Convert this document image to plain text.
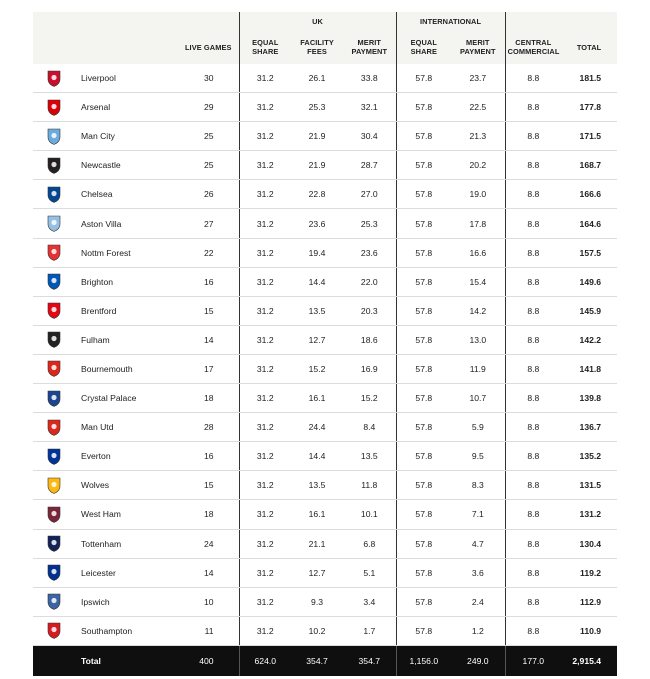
			UK			INTERNATIONAL			
		LIVE GAMES	EQUAL SHARE	FACILITY FEES	MERIT PAYMENT	EQUAL SHARE	MERIT PAYMENT	CENTRAL COMMERCIAL	TOTAL
	Liverpool	30	31.2	26.1	33.8	57.8	23.7	8.8	181.5
	Arsenal	29	31.2	25.3	32.1	57.8	22.5	8.8	177.8
	Man City	25	31.2	21.9	30.4	57.8	21.3	8.8	171.5
	Newcastle	25	31.2	21.9	28.7	57.8	20.2	8.8	168.7
	Chelsea	26	31.2	22.8	27.0	57.8	19.0	8.8	166.6
	Aston Villa	27	31.2	23.6	25.3	57.8	17.8	8.8	164.6
	Nottm Forest	22	31.2	19.4	23.6	57.8	16.6	8.8	157.5
	Brighton	16	31.2	14.4	22.0	57.8	15.4	8.8	149.6
	Brentford	15	31.2	13.5	20.3	57.8	14.2	8.8	145.9
	Fulham	14	31.2	12.7	18.6	57.8	13.0	8.8	142.2
	Bournemouth	17	31.2	15.2	16.9	57.8	11.9	8.8	141.8
	Crystal Palace	18	31.2	16.1	15.2	57.8	10.7	8.8	139.8
	Man Utd	28	31.2	24.4	8.4	57.8	5.9	8.8	136.7
	Everton	16	31.2	14.4	13.5	57.8	9.5	8.8	135.2
	Wolves	15	31.2	13.5	11.8	57.8	8.3	8.8	131.5
	West Ham	18	31.2	16.1	10.1	57.8	7.1	8.8	131.2
	Tottenham	24	31.2	21.1	6.8	57.8	4.7	8.8	130.4
	Leicester	14	31.2	12.7	5.1	57.8	3.6	8.8	119.2
	Ipswich	10	31.2	9.3	3.4	57.8	2.4	8.8	112.9
	Southampton	11	31.2	10.2	1.7	57.8	1.2	8.8	110.9
	Total	400	624.0	354.7	354.7	1,156.0	249.0	177.0	2,915.4
